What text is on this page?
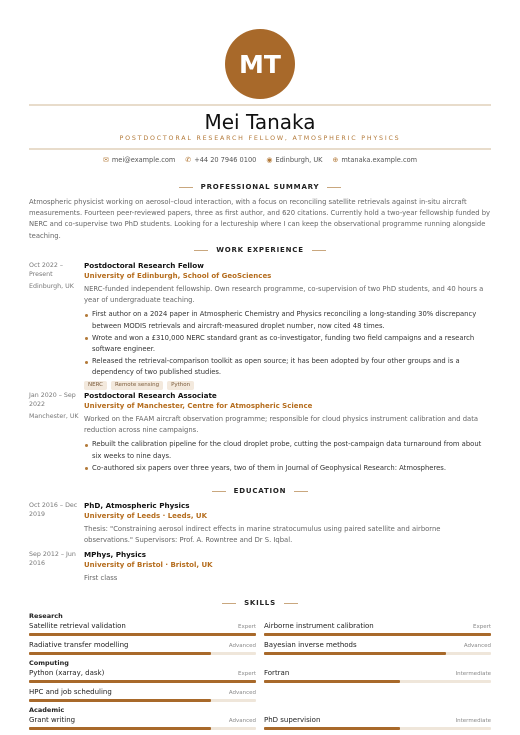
MT
Mei Tanaka
POSTDOCTORAL RESEARCH FELLOW, ATMOSPHERIC PHYSICS
✉ mei@example.com ✆ +44 20 7946 0100 ◉ Edinburgh, UK ⊕ mtanaka.example.com
PROFESSIONAL SUMMARY
Atmospheric physicist working on aerosol–cloud interaction, with a focus on reconciling satellite retrievals against in-situ aircraft measurements. Fourteen peer-reviewed papers, three as first author, and 620 citations. Currently hold a two-year fellowship funded by NERC and co-supervise two PhD students. Looking for a lectureship where I can keep the observational programme running alongside teaching.
WORK EXPERIENCE
Oct 2022 – Present
Edinburgh, UK
Postdoctoral Research Fellow
University of Edinburgh, School of GeoSciences
NERC-funded independent fellowship. Own research programme, co-supervision of two PhD students, and 40 hours a year of undergraduate teaching.
First author on a 2024 paper in Atmospheric Chemistry and Physics reconciling a long-standing 30% discrepancy between MODIS retrievals and aircraft-measured droplet number, now cited 48 times.
Wrote and won a £310,000 NERC standard grant as co-investigator, funding two field campaigns and a research software engineer.
Released the retrieval-comparison toolkit as open source; it has been adopted by four other groups and is a dependency of two published studies.
NERC	Remote sensing	Python
Jan 2020 – Sep 2022
Manchester, UK
Postdoctoral Research Associate
University of Manchester, Centre for Atmospheric Science
Worked on the FAAM aircraft observation programme; responsible for cloud physics instrument calibration and data reduction across nine campaigns.
Rebuilt the calibration pipeline for the cloud droplet probe, cutting the post-campaign data turnaround from about six weeks to nine days.
Co-authored six papers over three years, two of them in Journal of Geophysical Research: Atmospheres.
EDUCATION
Oct 2016 – Dec 2019
PhD, Atmospheric Physics
University of Leeds · Leeds, UK
Thesis: "Constraining aerosol indirect effects in marine stratocumulus using paired satellite and airborne observations." Supervisors: Prof. A. Rowntree and Dr S. Iqbal.
Sep 2012 – Jun 2016
MPhys, Physics
University of Bristol · Bristol, UK
First class
SKILLS
Research
Satellite retrieval validation	Expert Airborne instrument calibration	Expert
Radiative transfer modelling	Advanced Bayesian inverse methods	Advanced
Computing
Python (xarray, dask)	Expert Fortran	Intermediate
HPC and job scheduling	Advanced
Academic
Grant writing	Advanced PhD supervision	Intermediate
